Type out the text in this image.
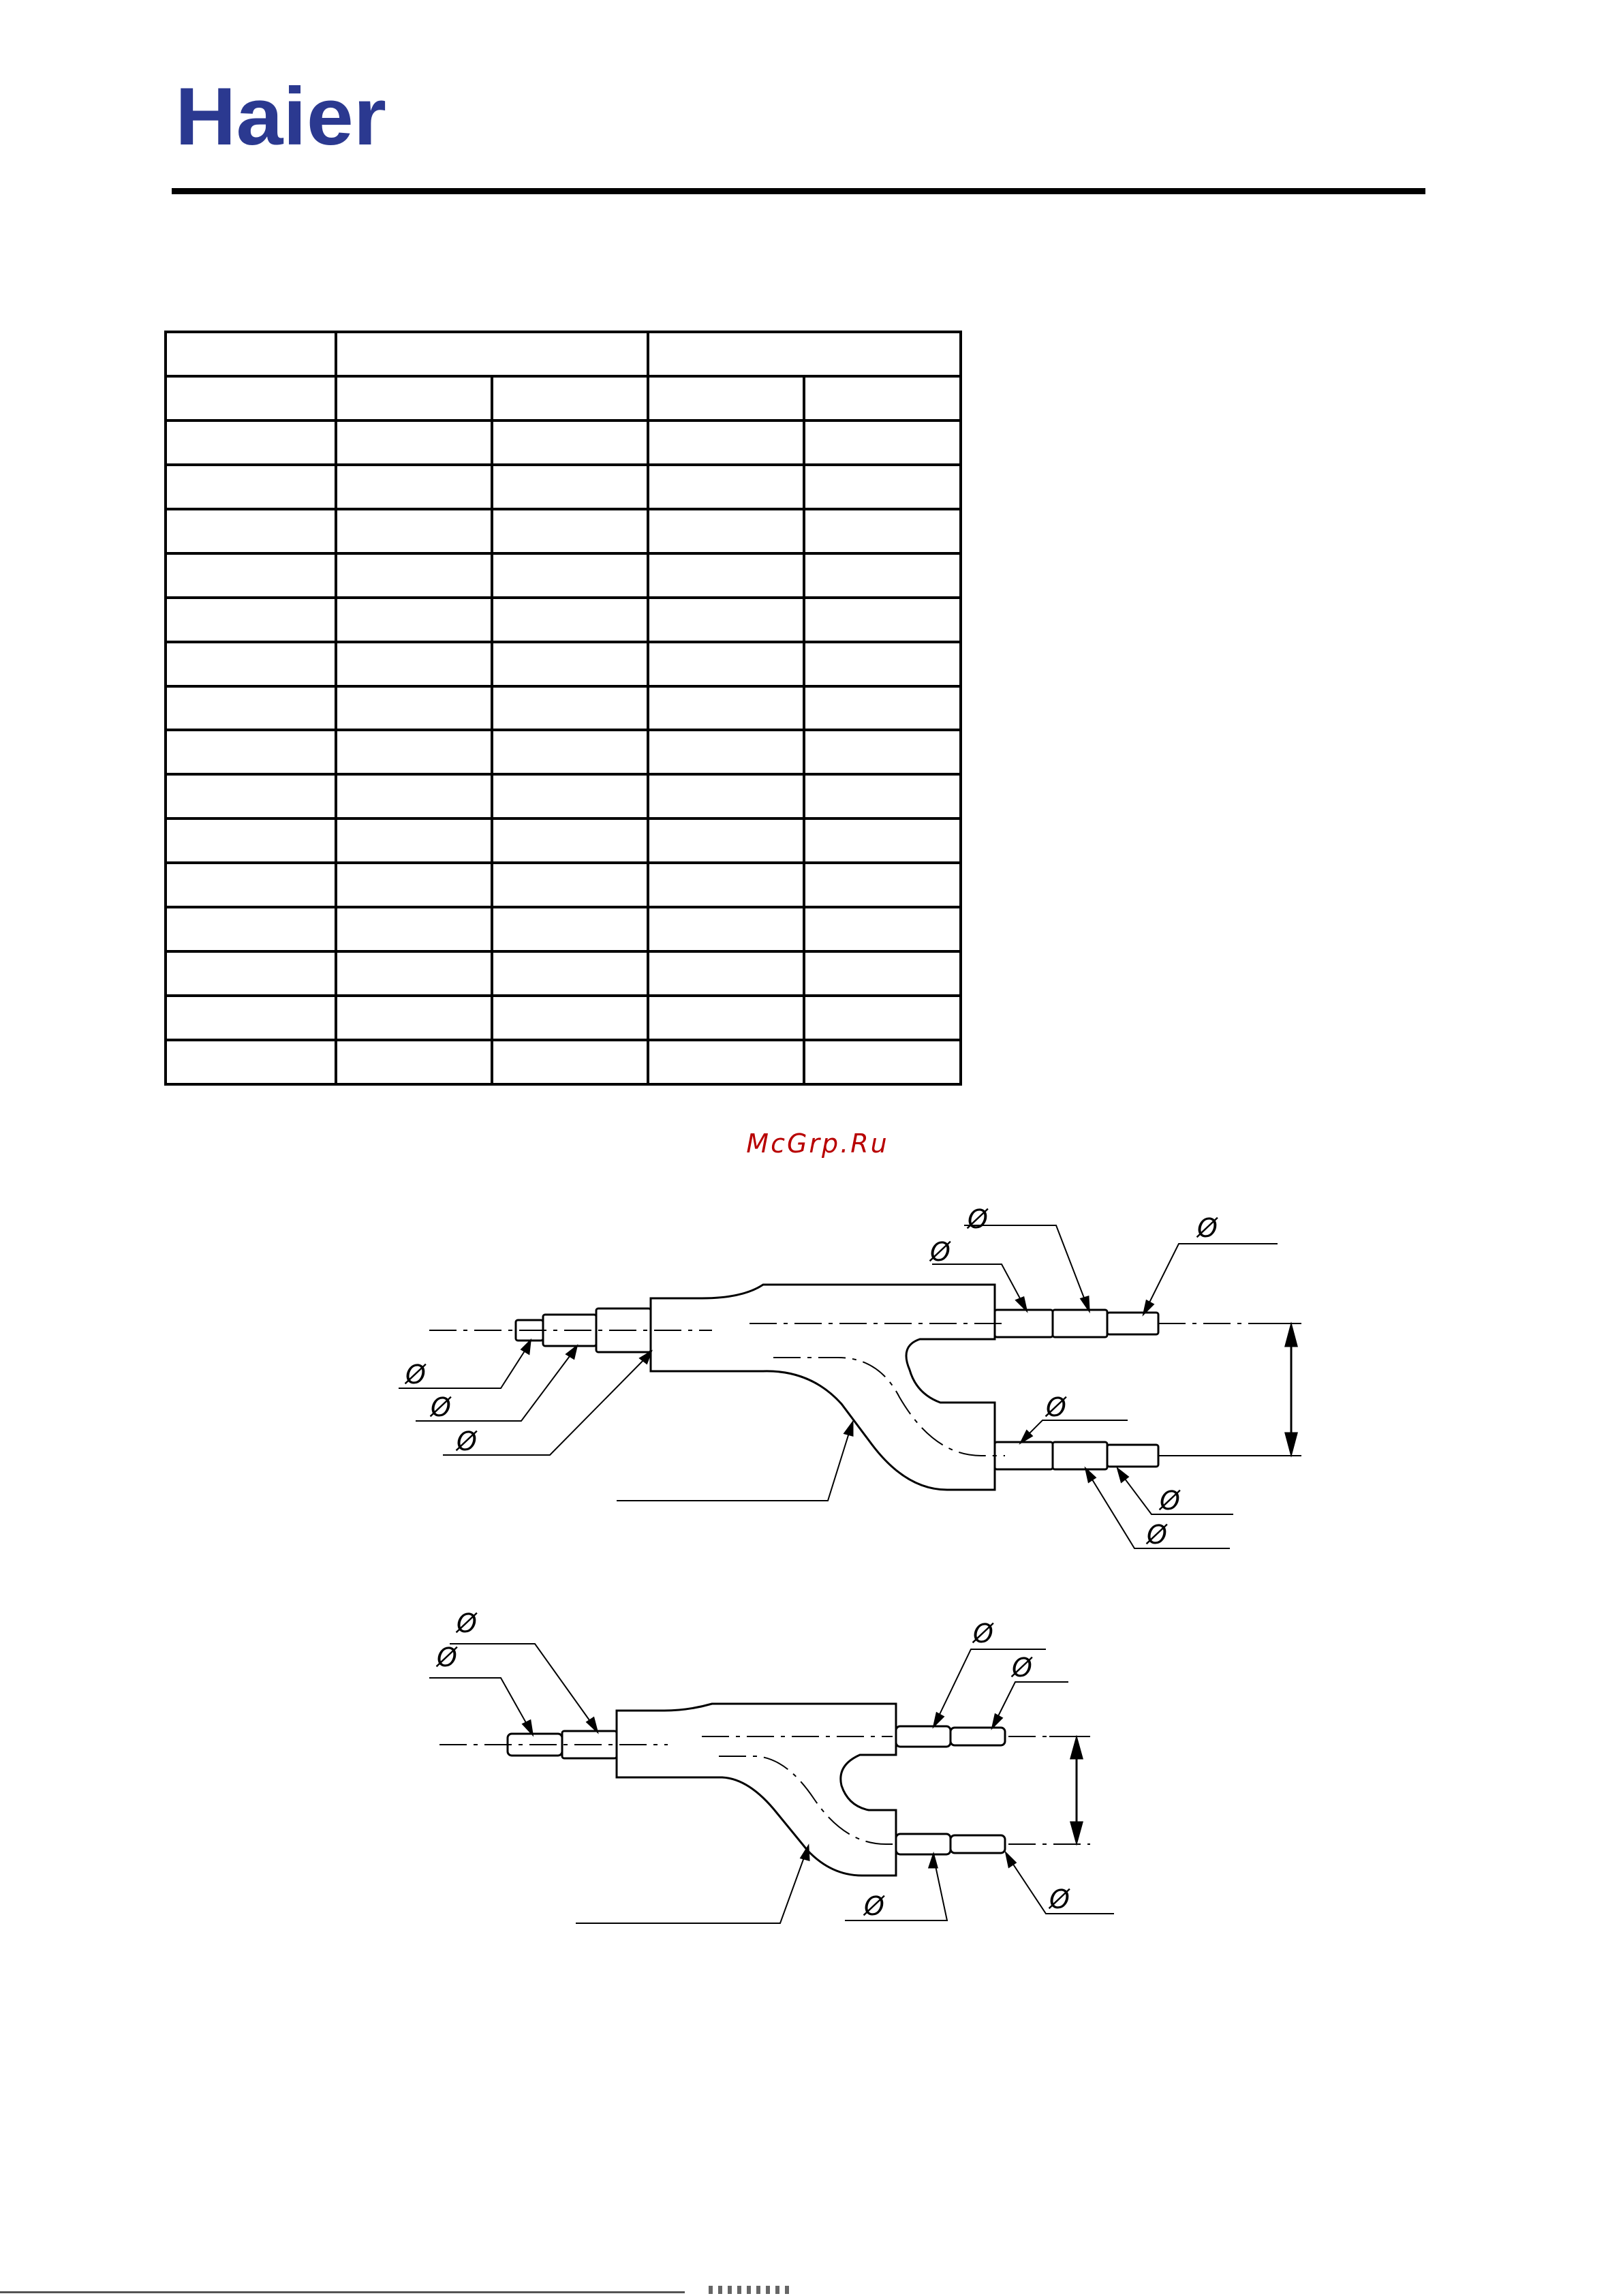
Haier

McGrp.Ru
Ø
Ø
Ø
Ø
Ø
Ø
Ø
Ø
Ø
Ø
Ø
Ø
Ø
Ø	Ø
